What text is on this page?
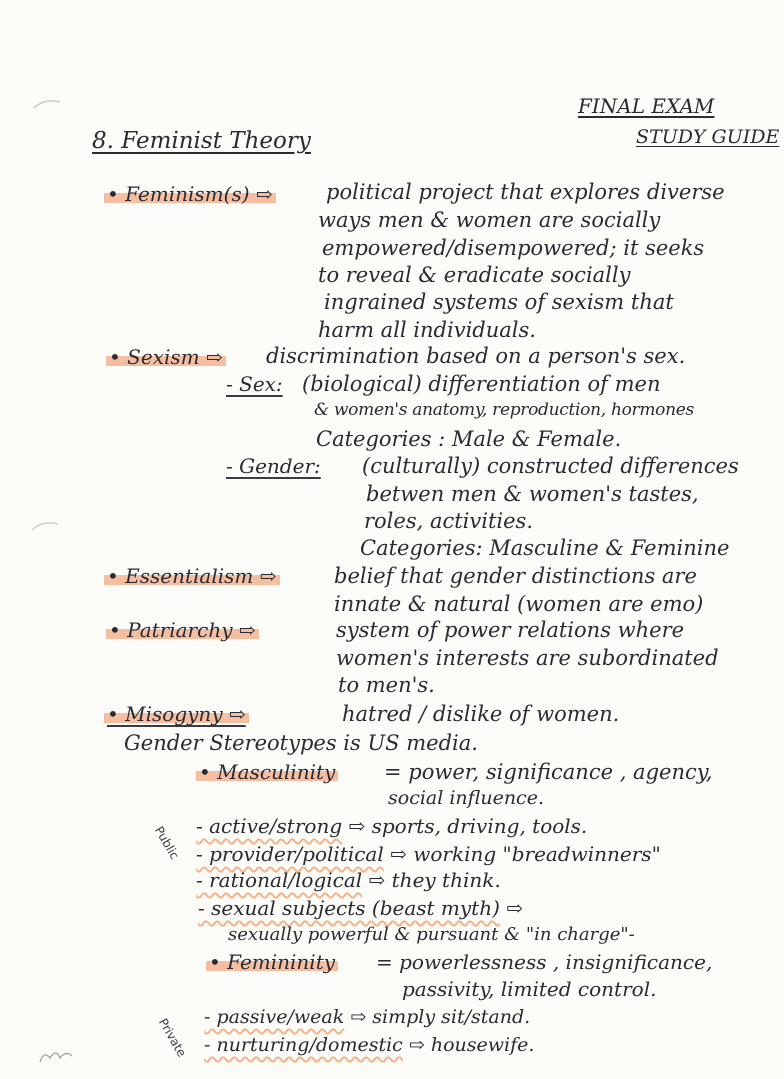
FINAL EXAM
STUDY GUIDE
8. Feminist Theory
• Feminism(s) ⇨	political project that explores diverse
ways men & women are socially
empowered/disempowered; it seeks
to reveal & eradicate socially
ingrained systems of sexism that
harm all individuals.
• Sexism ⇨ discrimination based on a person's sex.
- Sex: (biological) differentiation of men
& women's anatomy, reproduction, hormones
Categories : Male & Female.
- Gender: (culturally) constructed differences
betwen men & women's tastes,
roles, activities.
Categories: Masculine & Feminine
• Essentialism ⇨	belief that gender distinctions are
innate & natural (women are emo)
• Patriarchy ⇨	system of power relations where
women's interests are subordinated
to men's.
• Misogyny ⇨	hatred / dislike of women.
Gender Stereotypes is US media.
• Masculinity = power, significance , agency,
social influence.
- active/strong ⇨ sports, driving, tools.
- provider/political ⇨ working "breadwinners"
- rational/logical ⇨ they think.
- sexual subjects (beast myth) ⇨
sexually powerful & pursuant & "in charge"-
• Femininity = powerlessness , insignificance,
passivity, limited control.
- passive/weak ⇨ simply sit/stand.
- nurturing/domestic ⇨ housewife.
Public
Private
